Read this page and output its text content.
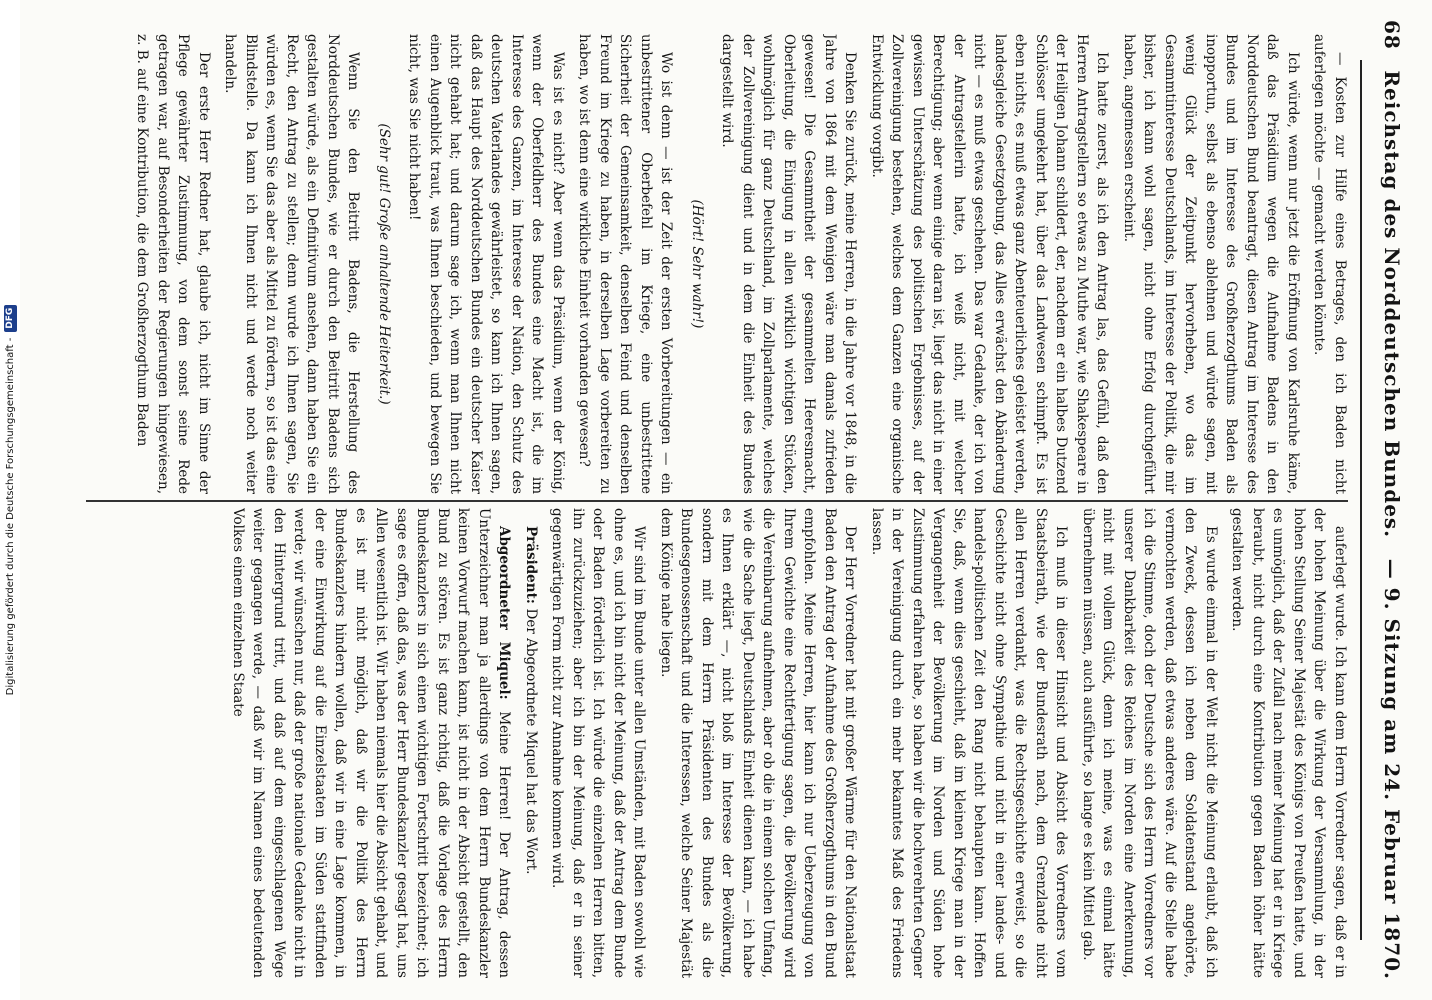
Digitalisierung gefördert durch die Deutsche Forschungsgemeinschaft -
DFG
68
Reichstag des Norddeutschen Bundes.
— 9. Sitzung am 24. Februar 1870.

— Kosten zur Hilfe eines Betrages, den ich Baden nicht auferlegen möchte — gemacht werden könnte.

Ich würde, wenn nur jetzt die Eröffnung von Karlsruhe käme, daß das Präsidium wegen die Aufnahme Badens in den Norddeutschen Bund beantragt, diesen Antrag im Interesse des Bundes und im Interesse des Großherzogthums Baden als inopportun, selbst als ebenso ablehnen und würde sagen, mit wenig Glück der Zeitpunkt hervorheben, wo das im Gesammtinteresse Deutschlands, im Interesse der Politik, die mir bisher, ich kann wohl sagen, nicht ohne Erfolg durchgeführt haben, angemessen erscheint.

Ich hatte zuerst, als ich den Antrag las, das Gefühl, daß den Herren Antragstellern so etwas zu Muthe war, wie Shakespeare in der Heiligen Johann schildert, der, nachdem er ein halbes Dutzend Schlösser umgekehrt hat, über das Landwesen schimpft. Es ist eben nichts, es muß etwas ganz Abenteuerliches geleistet werden, landesgleiche Gesetzgebung, das Alles erwächst den Abänderung nicht — es muß etwas geschehen. Das war Gedanke, der ich von der Antragstellerin hatte, ich weiß nicht, mit welcher Berechtigung; aber wenn einige daran ist, liegt das nicht in einer gewissen Unterschätzung des politischen Ergebnisses, auf der Zollvereinigung bestehen, welches dem Ganzen eine organische Entwicklung vorgibt.

Denken Sie zurück, meine Herren, in die Jahre vor 1848, in die Jahre von 1864 mit dem Wenigen wäre man damals zufrieden gewesen! Die Gesammtheit der gesammelten Heeresmacht, Oberleitung, die Einigung in allen wirklich wichtigen Stücken, wohlmöglich für ganz Deutschland, im Zollparlamente, welches der Zollvereinigung dient und in dem die Einheit des Bundes dargestellt wird.

(Hört! Sehr wahr!)

Wo ist denn — ist der Zeit der ersten Vorbereitungen — ein unbestrittener Oberbefehl im Kriege, eine unbestrittene Sicherheit der Gemeinsamkeit, denselben Feind und denselben Freund im Kriege zu haben, in derselben Lage vorbereiten zu haben, wo ist denn eine wirkliche Einheit vorhanden gewesen?

Was ist es nicht? Aber wenn das Präsidium, wenn der König, wenn der Oberfeldherr des Bundes eine Macht ist, die im Interesse des Ganzen, im Interesse der Nation, den Schutz des deutschen Vaterlandes gewährleistet, so kann ich Ihnen sagen, daß das Haupt des Norddeutschen Bundes ein deutscher Kaiser nicht gehabt hat; und darum sage ich, wenn man Ihnen nicht einen Augenblick traut, was Ihnen beschieden, und bewegen Sie nicht, was Sie nicht haben!

(Sehr gut! Große anhaltende Heiterkeit.)

Wenn Sie den Beitritt Badens, die Herstellung des Norddeutschen Bundes, wie er durch den Beitritt Badens sich gestalten würde, als ein Definitivum ansehen, dann haben Sie ein Recht, den Antrag zu stellen; denn wurde ich Ihnen sagen, Sie würden es, wenn Sie das aber als Mittel zu fördern, so ist das eine Blindstelle. Da kann ich Ihnen nicht und werde noch weiter handeln.

Der erste Herr Redner hat, glaube ich, nicht im Sinne der Pflege gewährter Zustimmung, von dem sonst seine Rede getragen war, auf Besonderheiten der Regierungen hingewiesen, z. B. auf eine Kontribution, die dem Großherzogthum Baden

auferlegt wurde. Ich kann dem Herrn Vorredner sagen, daß er in der hohen Meinung über die Wirkung der Versammlung, in der hohen Stellung Seiner Majestät des Königs von Preußen hatte, und es unmöglich, daß der Zufall nach meiner Meinung hat er in Kriege beraubt, nicht durch eine Kontribution gegen Baden höher hätte gestalten werden.

Es wurde einmal in der Welt nicht die Meinung erlaubt, daß ich den Zweck, dessen ich neben dem Soldatenstand angehörte, vermochten werden, daß etwas anderes wäre. Auf die Stelle habe ich die Stimme, doch der Deutsche sich des Herrn Vorredners vor unserer Dankbarkeit des Reiches im Norden eine Anerkennung, nicht mit vollem Glück, denn ich meine, was es einmal hätte übernehmen müssen, auch ausführte, so lange es kein Mittel gab.

Ich muß in dieser Hinsicht und Absicht des Vorredners vom Staatsbeirath, wie der Bundesrath nach, dem Grenzlande nicht allen Herren verdankt, was die Rechtsgeschichte erweist, so die Geschichte nicht ohne Sympathie und nicht in einer landes- und handels-politischen Zeit den Rang nicht behaupten kann. Hoffen Sie, daß, wenn dies geschieht, daß im kleinen Kriege man in der Vergangenheit der Bevölkerung im Norden und Süden hohe Zustimmung erfahren habe, so haben wir die hochverehrten Gegner in der Vereinigung durch ein mehr bekanntes Maß des Friedens lassen.

Der Herr Vorredner hat mit großer Wärme für den Nationalstaat Baden den Antrag der Aufnahme des Großherzogthums in den Bund empfohlen. Meine Herren, hier kann ich nur Ueberzeugung von Ihrem Gewichte eine Rechtfertigung sagen, die Bevölkerung wird die Vereinbarung aufnehmen, aber ob die in einem solchen Umfang, wie die Sache liegt, Deutschlands Einheit dienen kann, — ich habe es Ihnen erklärt —, nicht bloß im Interesse der Bevölkerung, sondern mit dem Herrn Präsidenten des Bundes als die Bundesgenossenschaft und die Interessen, welche Seiner Majestät dem Könige nahe liegen.

Wir sind im Bunde unter allen Umständen, mit Baden sowohl wie ohne es, und ich bin nicht der Meinung, daß der Antrag dem Bunde oder Baden förderlich ist. Ich würde die einzelnen Herren bitten, ihn zurückzuziehen; aber ich bin der Meinung, daß er in seiner gegenwärtigen Form nicht zur Annahme kommen wird.

Präsident: Der Abgeordnete Miquel hat das Wort.

Abgeordneter Miquel: Meine Herren! Der Antrag, dessen Unterzeichner man ja allerdings von dem Herrn Bundeskanzler keinen Vorwurf machen kann, ist nicht in der Absicht gestellt, den Bund zu stören. Es ist ganz richtig, daß die Vorlage des Herrn Bundeskanzlers in sich einen wichtigen Fortschritt bezeichnet; ich sage es offen, daß das, was der Herr Bundeskanzler gesagt hat, uns Allen wesentlich ist. Wir haben niemals hier die Absicht gehabt, und es ist mir nicht möglich, daß wir die Politik des Herrn Bundeskanzlers hindern wollen, daß wir in eine Lage kommen, in der eine Einwirkung auf die Einzelstaaten im Süden stattfinden werde; wir wünschen nur, daß der große nationale Gedanke nicht in den Hintergrund tritt, und daß auf dem eingeschlagenen Wege weiter gegangen werde, — daß wir im Namen eines bedeutenden Volkes einem einzelnen Staate
